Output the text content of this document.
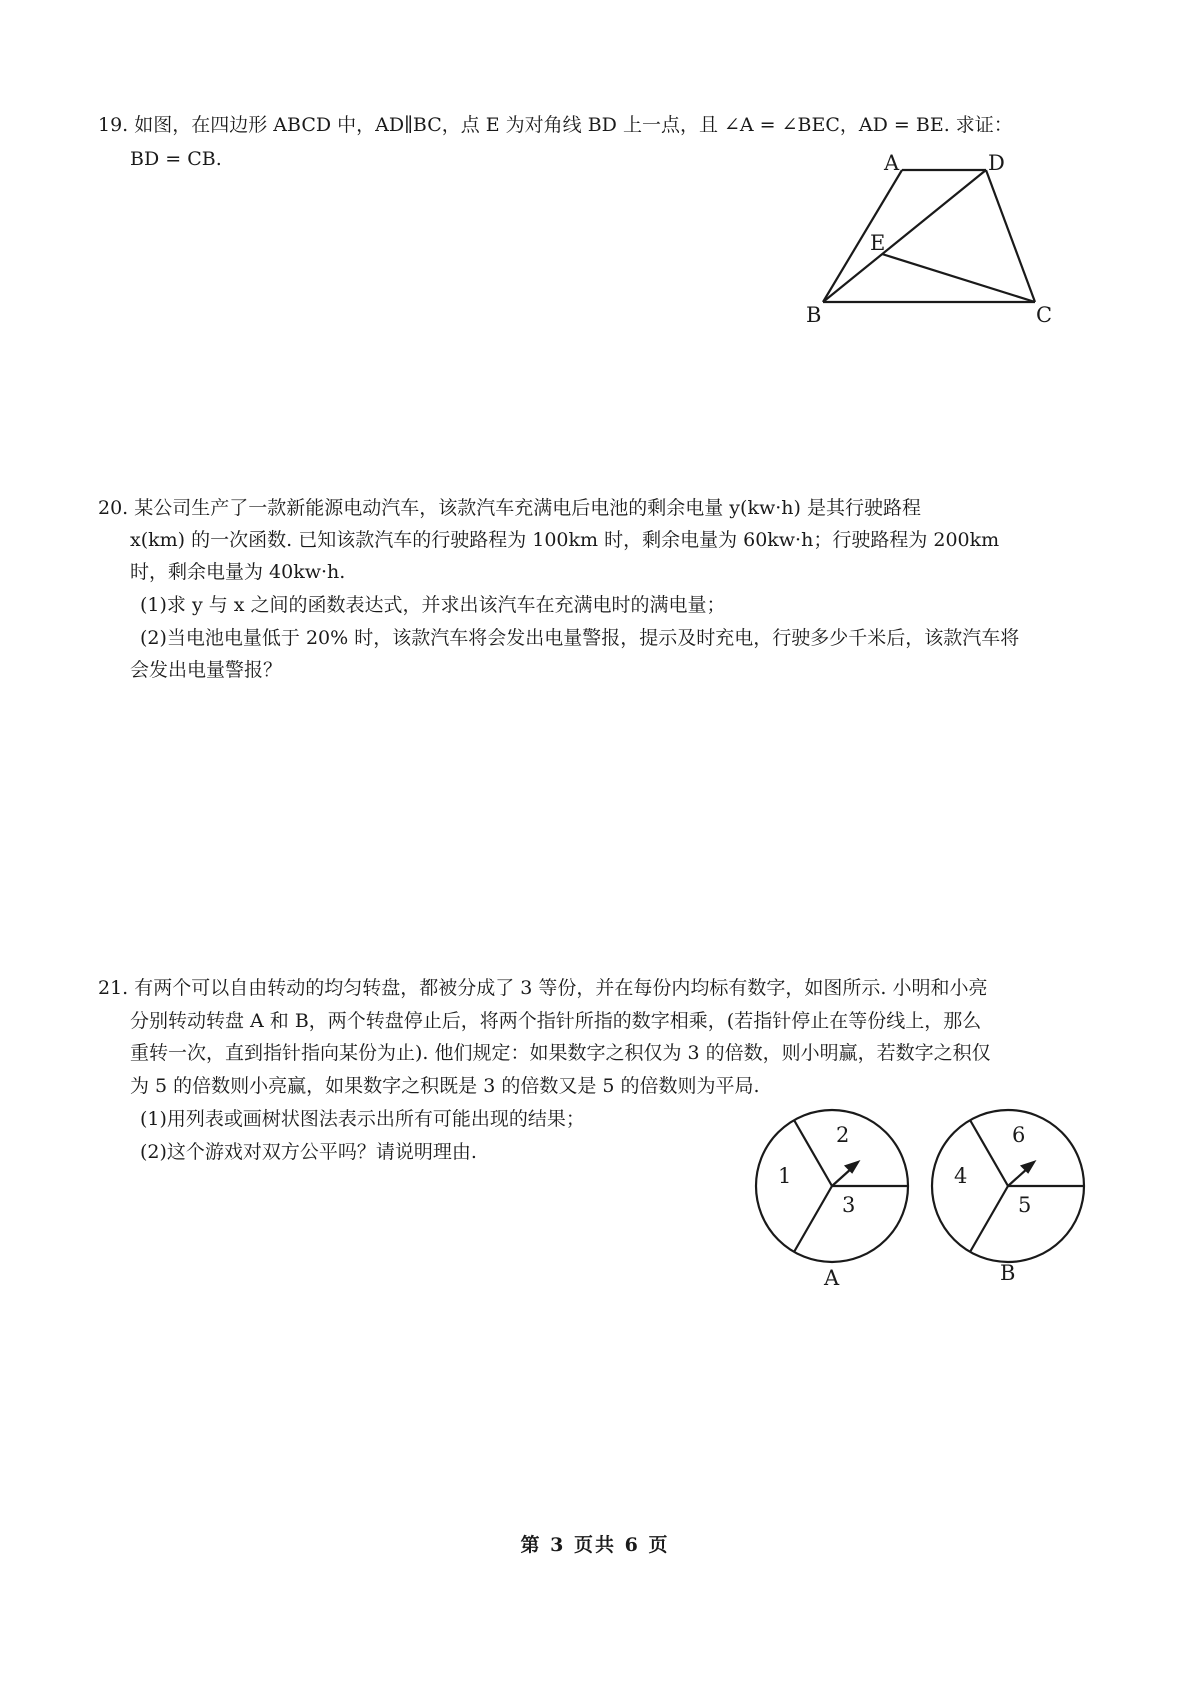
19. 如图，在四边形 ABCD 中，AD∥BC，点 E 为对角线 BD 上一点，且 ∠A = ∠BEC，AD = BE. 求证：
BD = CB.	A	D
E
B	C
1
2
3
A
4
6
5
B
20. 某公司生产了一款新能源电动汽车，该款汽车充满电后电池的剩余电量 y(kw·h) 是其行驶路程
x(km) 的一次函数. 已知该款汽车的行驶路程为 100km 时，剩余电量为 60kw·h；行驶路程为 200km
时，剩余电量为 40kw·h.
(1)求 y 与 x 之间的函数表达式，并求出该汽车在充满电时的满电量；
(2)当电池电量低于 20% 时，该款汽车将会发出电量警报，提示及时充电，行驶多少千米后，该款汽车将
会发出电量警报？
21. 有两个可以自由转动的均匀转盘，都被分成了 3 等份，并在每份内均标有数字，如图所示. 小明和小亮
分别转动转盘 A 和 B，两个转盘停止后，将两个指针所指的数字相乘，(若指针停止在等份线上，那么
重转一次，直到指针指向某份为止). 他们规定：如果数字之积仅为 3 的倍数，则小明赢，若数字之积仅
为 5 的倍数则小亮赢，如果数字之积既是 3 的倍数又是 5 的倍数则为平局.
(1)用列表或画树状图法表示出所有可能出现的结果；
(2)这个游戏对双方公平吗？请说明理由.
第 3 页共 6 页
